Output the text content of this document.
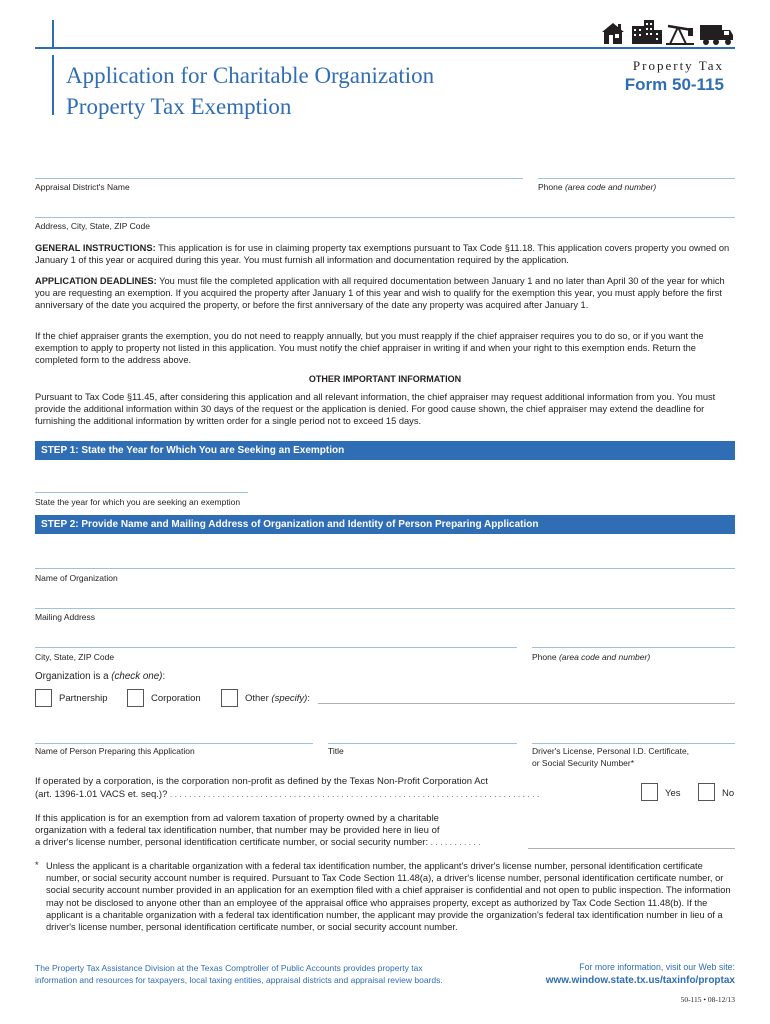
Application for Charitable Organization
Property Tax Exemption
Property Tax
Form 50-115
Appraisal District's Name	Phone (area code and number)
Address, City, State, ZIP Code
GENERAL INSTRUCTIONS: This application is for use in claiming property tax exemptions pursuant to Tax Code §11.18. This application covers property you owned on January 1 of this year or acquired during this year. You must furnish all information and documentation required by the application.
APPLICATION DEADLINES: You must file the completed application with all required documentation between January 1 and no later than April 30 of the year for which you are requesting an exemption. If you acquired the property after January 1 of this year and wish to qualify for the exemption this year, you must apply before the first anniversary of the date you acquired the property, or before the first anniversary of the date any property was acquired after January 1.
If the chief appraiser grants the exemption, you do not need to reapply annually, but you must reapply if the chief appraiser requires you to do so, or if you want the exemption to apply to property not listed in this application. You must notify the chief appraiser in writing if and when your right to this exemption ends. Return the completed form to the address above.
OTHER IMPORTANT INFORMATION
Pursuant to Tax Code §11.45, after considering this application and all relevant information, the chief appraiser may request additional information from you. You must provide the additional information within 30 days of the request or the application is denied. For good cause shown, the chief appraiser may extend the deadline for furnishing the additional information by written order for a single period not to exceed 15 days.
STEP 1: State the Year for Which You are Seeking an Exemption
State the year for which you are seeking an exemption
STEP 2: Provide Name and Mailing Address of Organization and Identity of Person Preparing Application
Name of Organization
Mailing Address
City, State, ZIP Code	Phone (area code and number)
Organization is a (check one):
Partnership	Corporation	Other (specify):
Name of Person Preparing this Application	Title	Driver's License, Personal I.D. Certificate,
or Social Security Number*
If operated by a corporation, is the corporation non-profit as defined by the Texas Non-Profit Corporation Act
(art. 1396-1.01 VACS et. seq.)? . . . . . . . . . . . . . . . . . . . . . . . . . . . . . . . . . . . . . . . . . . . . . . . . . . . . . . . . . . . . . . . . . . . . . . . . . . . . . .	Yes	No
If this application is for an exemption from ad valorem taxation of property owned by a charitable
organization with a federal tax identification number, that number may be provided here in lieu of
a driver's license number, personal identification certificate number, or social security number: . . . . . . . . . . .
* Unless the applicant is a charitable organization with a federal tax identification number, the applicant's driver's license number, personal identification certificate number, or social security account number is required. Pursuant to Tax Code Section 11.48(a), a driver's license number, personal identification certificate number, or social security account number provided in an application for an exemption filed with a chief appraiser is confidential and not open to public inspection. The information may not be disclosed to anyone other than an employee of the appraisal office who appraises property, except as authorized by Tax Code Section 11.48(b). If the applicant is a charitable organization with a federal tax identification number, the applicant may provide the organization's federal tax identification number in lieu of a driver's license number, personal identification certificate number, or social security account number.
The Property Tax Assistance Division at the Texas Comptroller of Public Accounts provides property tax
information and resources for taxpayers, local taxing entities, appraisal districts and appraisal review boards.
For more information, visit our Web site:
www.window.state.tx.us/taxinfo/proptax
50-115 • 08-12/13
